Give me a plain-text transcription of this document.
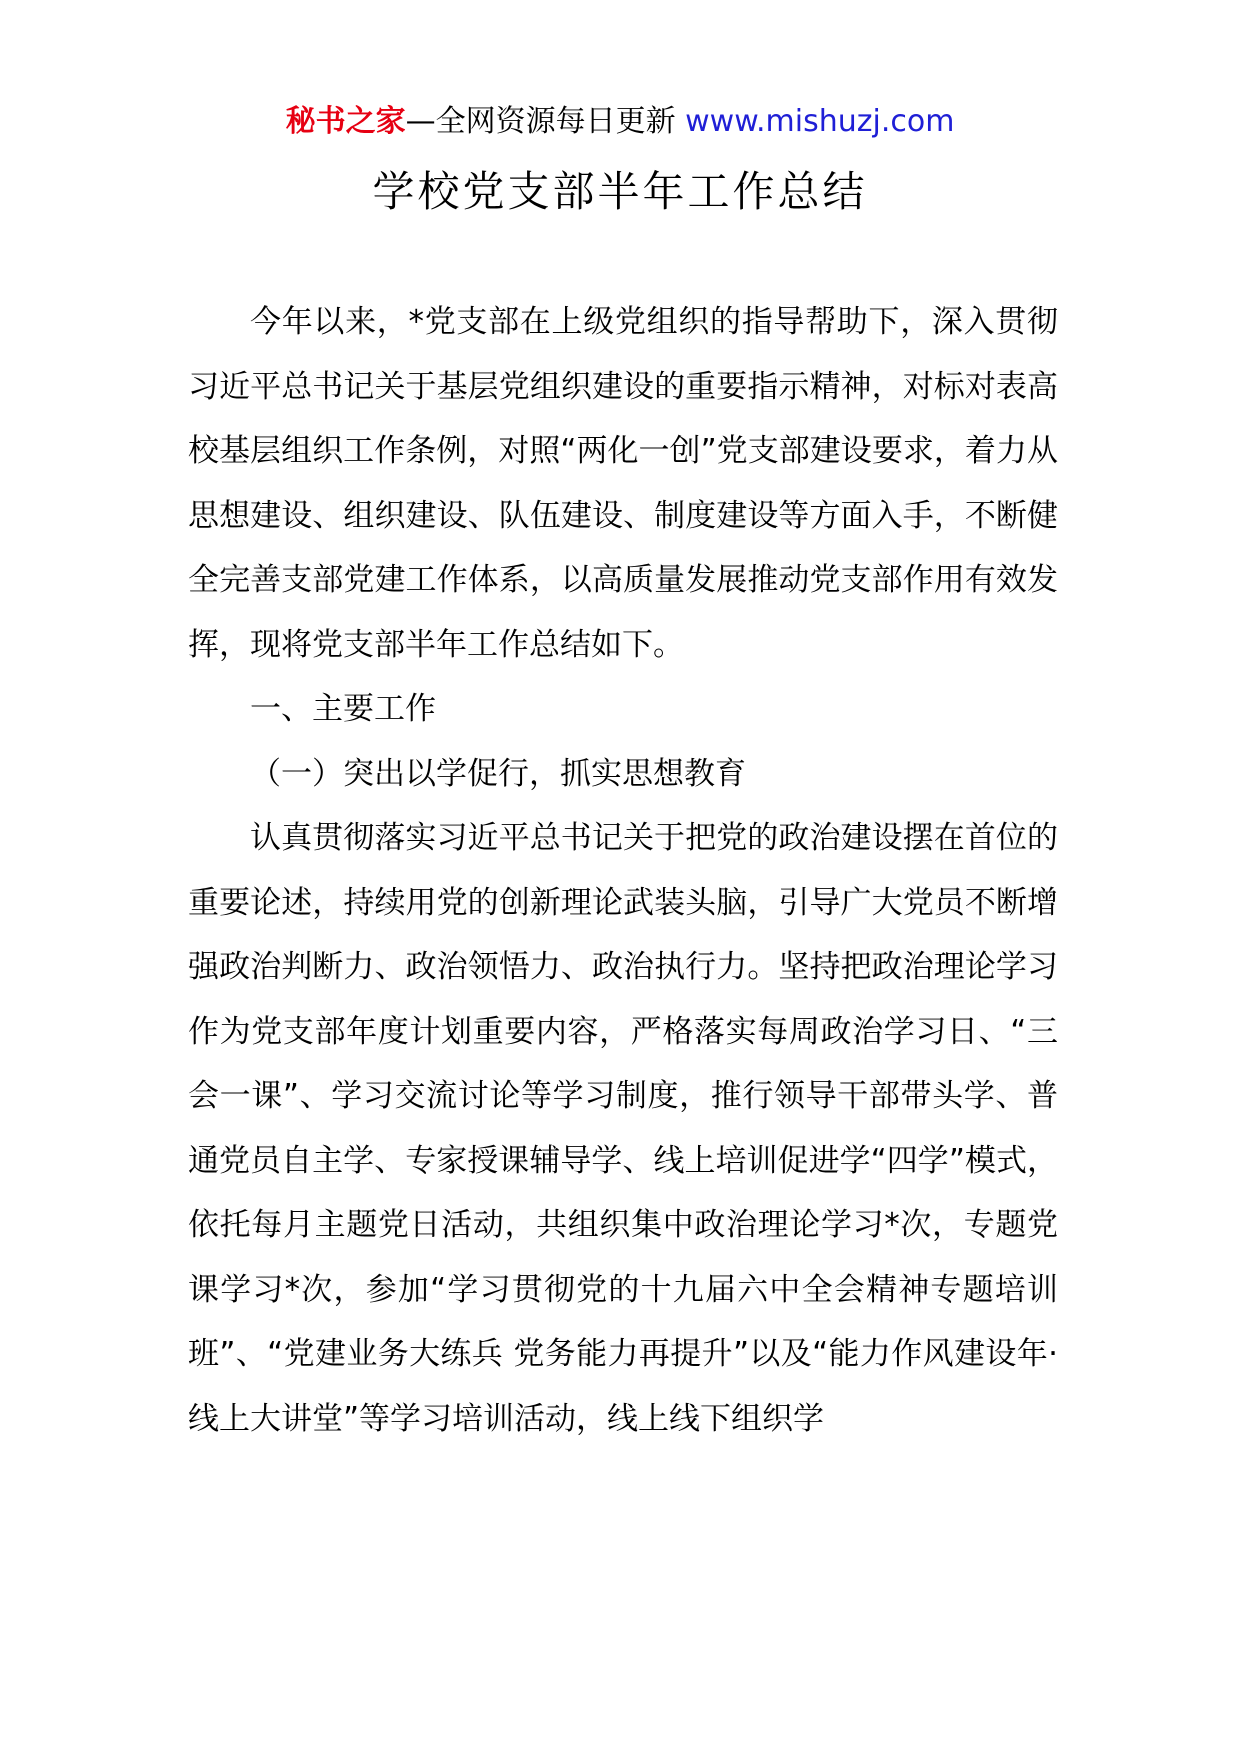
秘书之家—全网资源每日更新 www.mishuzj.com
学校党支部半年工作总结

今年以来，*党支部在上级党组织的指导帮助下，深入贯彻习近平总书记关于基层党组织建设的重要指示精神，对标对表高校基层组织工作条例，对照“两化一创”党支部建设要求，着力从思想建设、组织建设、队伍建设、制度建设等方面入手，不断健全完善支部党建工作体系，以高质量发展推动党支部作用有效发挥，现将党支部半年工作总结如下。

一、主要工作

（一）突出以学促行，抓实思想教育

认真贯彻落实习近平总书记关于把党的政治建设摆在首位的重要论述，持续用党的创新理论武装头脑，引导广大党员不断增强政治判断力、政治领悟力、政治执行力。坚持把政治理论学习作为党支部年度计划重要内容，严格落实每周政治学习日、“三会一课”、学习交流讨论等学习制度，推行领导干部带头学、普通党员自主学、专家授课辅导学、线上培训促进学“四学”模式，依托每月主题党日活动，共组织集中政治理论学习*次，专题党课学习*次，参加“学习贯彻党的十九届六中全会精神专题培训班”、“党建业务大练兵 党务能力再提升”以及“能力作风建设年·线上大讲堂”等学习培训活动，线上线下组织学
